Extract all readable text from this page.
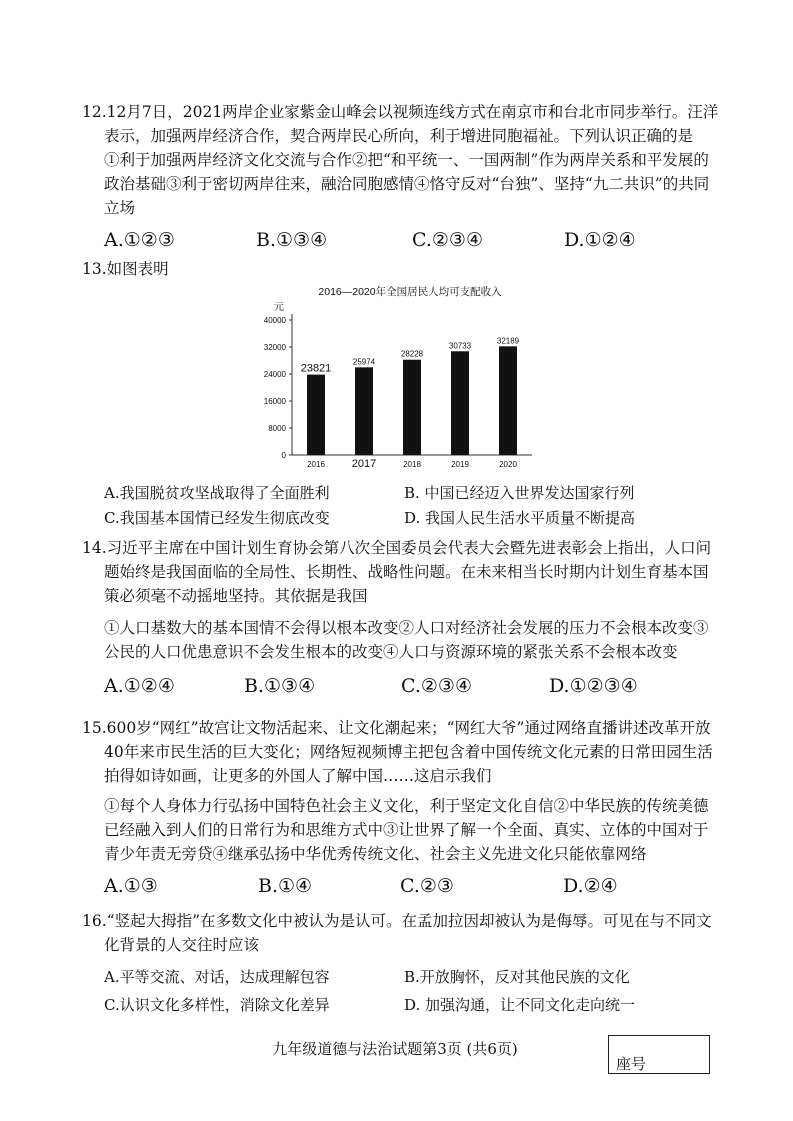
12.12月7日，2021两岸企业家紫金山峰会以视频连线方式在南京市和台北市同步举行。汪洋表示，加强两岸经济合作，契合两岸民心所向，利于增进同胞福祉。下列认识正确的是

①利于加强两岸经济文化交流与合作②把“和平统一、一国两制”作为两岸关系和平发展的政治基础③利于密切两岸往来，融洽同胞感情④恪守反对“台独”、坚持“九二共识”的共同立场

A.①②③	B.①③④	C.②③④	D.①②④

13.如图表明

2016—2020年全国居民人均可支配收入
元
0
8000
16000
24000
32000
40000
23821
25974
28228
30733
32189
2016 2017	2018	2019	2020
A.我国脱贫攻坚战取得了全面胜利	B. 中国已经迈入世界发达国家行列
C.我国基本国情已经发生彻底改变	D. 我国人民生活水平质量不断提高

14.习近平主席在中国计划生育协会第八次全国委员会代表大会暨先进表彰会上指出，人口问题始终是我国面临的全局性、长期性、战略性问题。在未来相当长时期内计划生育基本国策必须毫不动摇地坚持。其依据是我国

①人口基数大的基本国情不会得以根本改变②人口对经济社会发展的压力不会根本改变③公民的人口优患意识不会发生根本的改变④人口与资源环境的紧张关系不会根本改变

A.①②④	B.①③④	C.②③④	D.①②③④

15.600岁“网红”故宫让文物活起来、让文化潮起来；“网红大爷”通过网络直播讲述改革开放40年来市民生活的巨大变化；网络短视频博主把包含着中国传统文化元素的日常田园生活拍得如诗如画，让更多的外国人了解中国……这启示我们

①每个人身体力行弘扬中国特色社会主义文化，利于坚定文化自信②中华民族的传统美德已经融入到人们的日常行为和思维方式中③让世界了解一个全面、真实、立体的中国对于青少年责无旁贷④继承弘扬中华优秀传统文化、社会主义先进文化只能依靠网络

A.①③	B.①④	C.②③	D.②④

16.“竖起大拇指”在多数文化中被认为是认可。在孟加拉因却被认为是侮辱。可见在与不同文化背景的人交往时应该

A.平等交流、对话，达成理解包容	B.开放胸怀，反对其他民族的文化
C.认识文化多样性，消除文化差异	D. 加强沟通，让不同文化走向统一
九年级道德与法治试题第3页 (共6页)
座号
